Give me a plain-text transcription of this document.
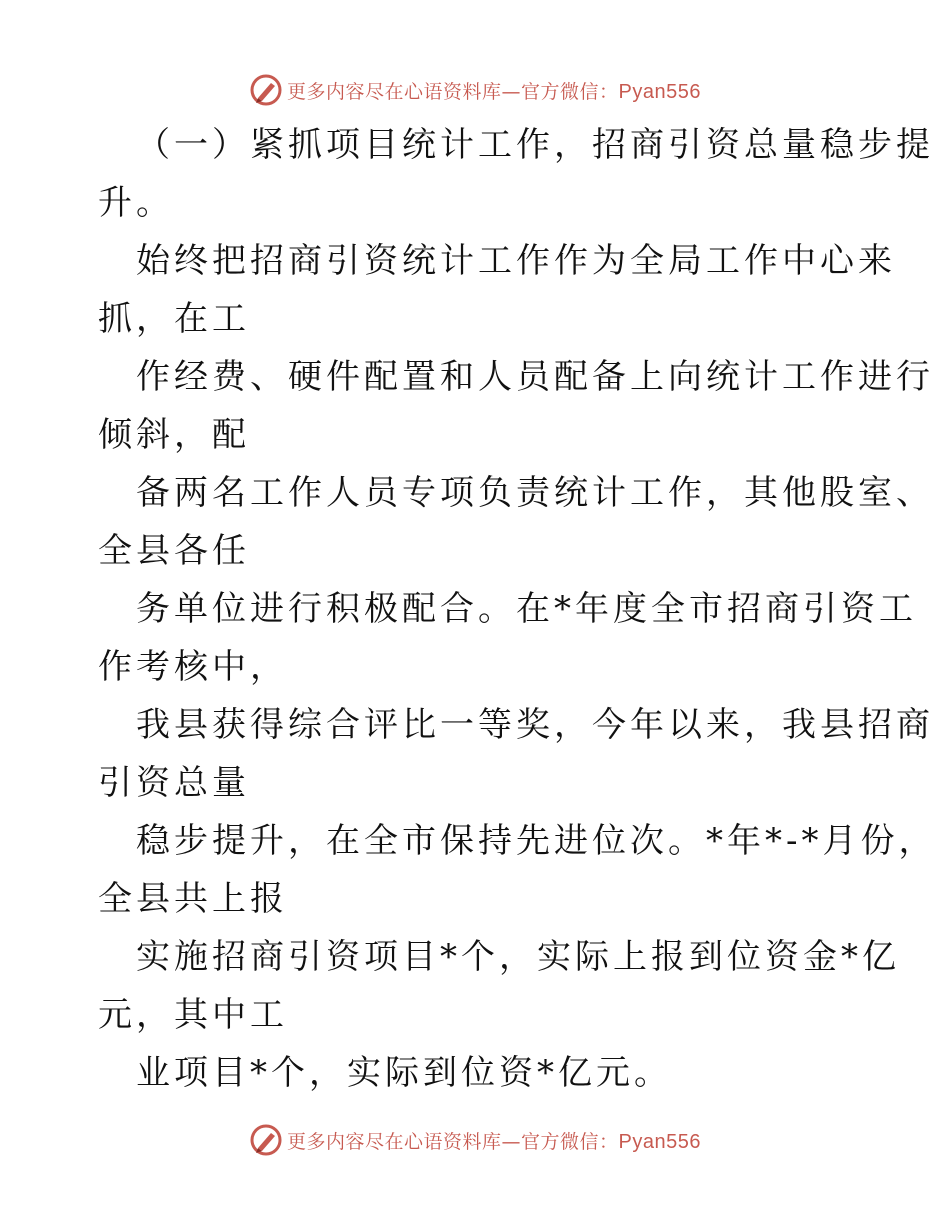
更多内容尽在心语资料库—官方微信：Pyan556
（一）紧抓项目统计工作，招商引资总量稳步提
升。
始终把招商引资统计工作作为全局工作中心来
抓，在工
作经费、硬件配置和人员配备上向统计工作进行
倾斜，配
备两名工作人员专项负责统计工作，其他股室、
全县各任
务单位进行积极配合。在*年度全市招商引资工
作考核中，
我县获得综合评比一等奖，今年以来，我县招商
引资总量
稳步提升，在全市保持先进位次。*年*-*月份，
全县共上报
实施招商引资项目*个，实际上报到位资金*亿
元，其中工
业项目*个，实际到位资*亿元。
更多内容尽在心语资料库—官方微信：Pyan556
